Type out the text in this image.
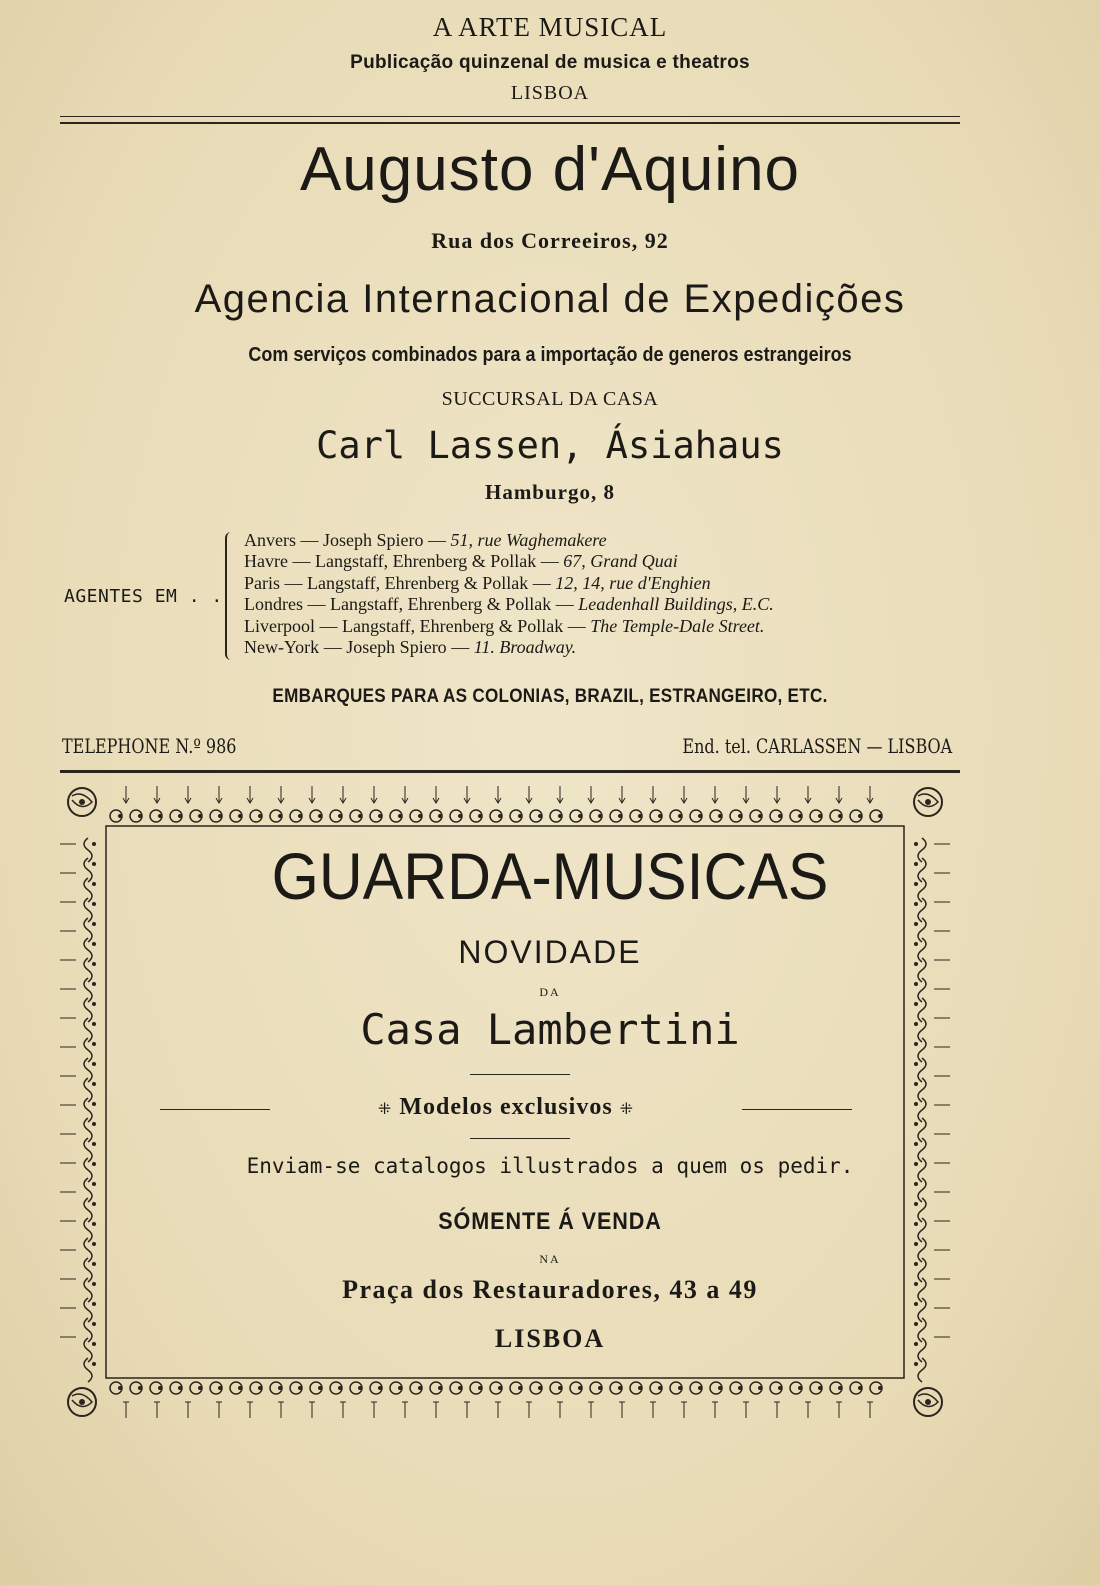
A ARTE MUSICAL
Publicação quinzenal de musica e theatros
LISBOA
Augusto d'Aquino
Rua dos Correeiros, 92
Agencia Internacional de Expedições
Com serviços combinados para a importação de generos estrangeiros
SUCCURSAL DA CASA
Carl Lassen, Ásiahaus
Hamburgo, 8
AGENTES EM . .
Anvers — Joseph Spiero — 51, rue Waghemakere
Havre — Langstaff, Ehrenberg & Pollak — 67, Grand Quai
Paris — Langstaff, Ehrenberg & Pollak — 12, 14, rue d'Enghien
Londres — Langstaff, Ehrenberg & Pollak — Leadenhall Buildings, E.C.
Liverpool — Langstaff, Ehrenberg & Pollak — The Temple-Dale Street.
New-York — Joseph Spiero — 11. Broadway.
EMBARQUES PARA AS COLONIAS, BRAZIL, ESTRANGEIRO, ETC.
TELEPHONE N.º 986	End. tel. CARLASSEN — LISBOA
GUARDA-MUSICAS
NOVIDADE
DA
Casa Lambertini
⁜ Modelos exclusivos ⁜
Enviam-se catalogos illustrados a quem os pedir.
SÓMENTE Á VENDA
NA
Praça dos Restauradores, 43 a 49
LISBOA
